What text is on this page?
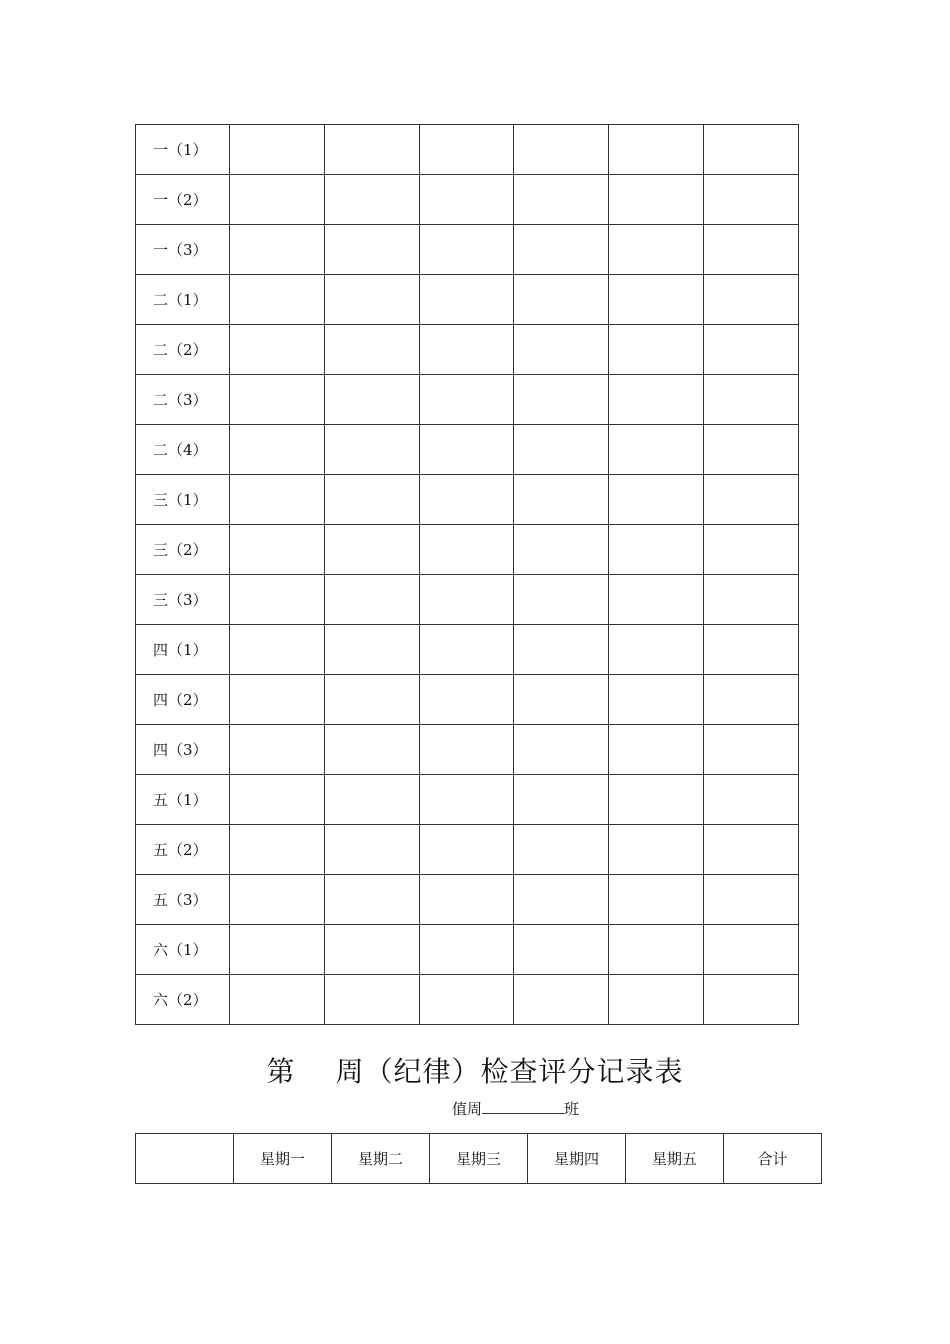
一（1）						
一（2）						
一（3）						
二（1）						
二（2）						
二（3）						
二（4）						
三（1）						
三（2）						
三（3）						
四（1）						
四（2）						
四（3）						
五（1）						
五（2）						
五（3）						
六（1）						
六（2）						
第 周（纪律）检查评分记录表
值周	班
	星期一	星期二	星期三	星期四	星期五	合计
